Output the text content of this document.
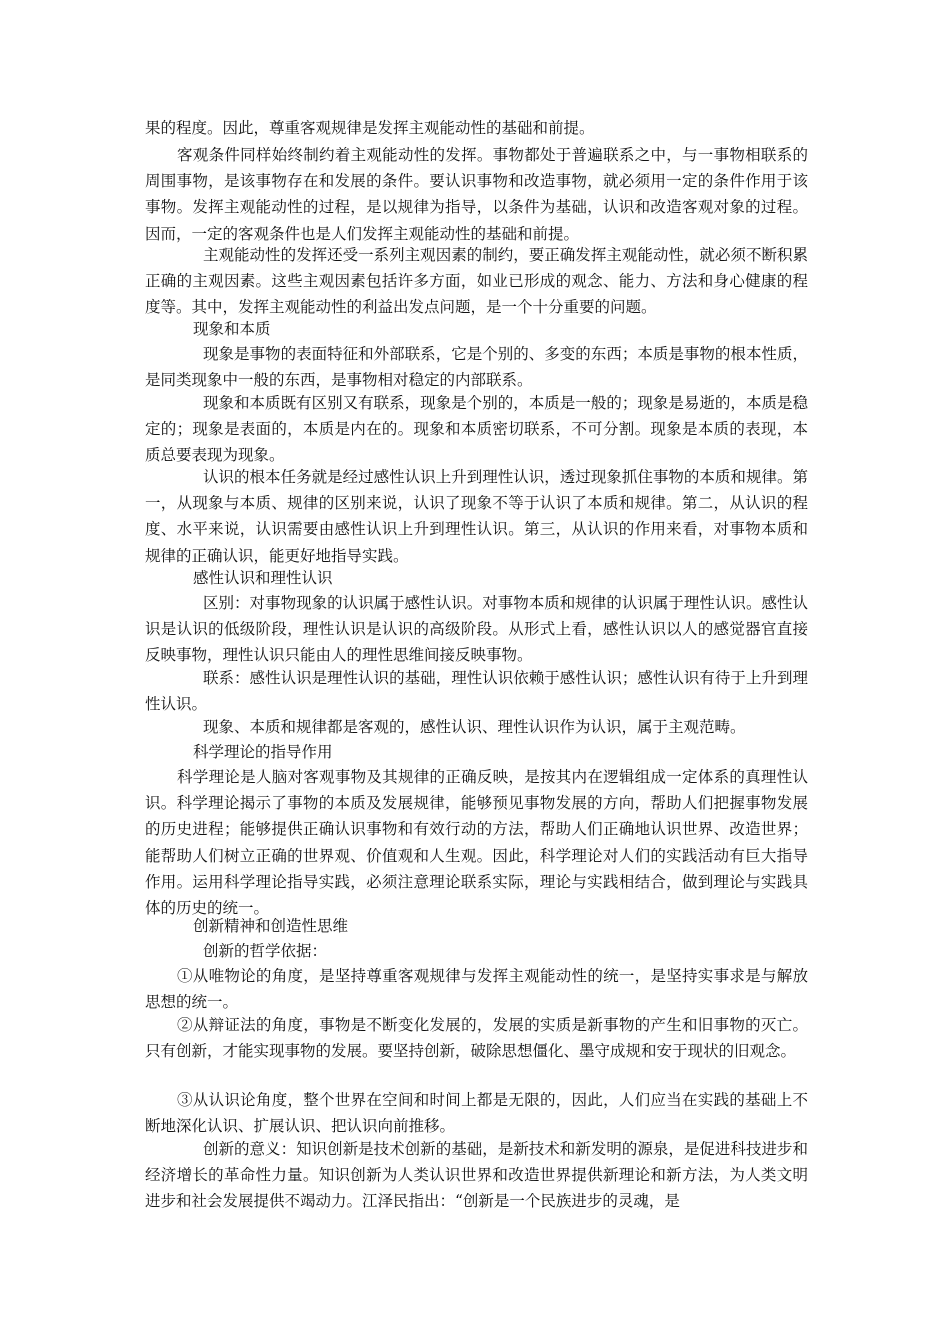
果的程度。因此，尊重客观规律是发挥主观能动性的基础和前提。

客观条件同样始终制约着主观能动性的发挥。事物都处于普遍联系之中，与一事物相联系的周围事物，是该事物存在和发展的条件。要认识事物和改造事物，就必须用一定的条件作用于该事物。发挥主观能动性的过程，是以规律为指导，以条件为基础，认识和改造客观对象的过程。因而，一定的客观条件也是人们发挥主观能动性的基础和前提。

主观能动性的发挥还受一系列主观因素的制约，要正确发挥主观能动性，就必须不断积累正确的主观因素。这些主观因素包括许多方面，如业已形成的观念、能力、方法和身心健康的程度等。其中，发挥主观能动性的利益出发点问题，是一个十分重要的问题。

现象和本质

现象是事物的表面特征和外部联系，它是个别的、多变的东西；本质是事物的根本性质，是同类现象中一般的东西，是事物相对稳定的内部联系。

现象和本质既有区别又有联系，现象是个别的，本质是一般的；现象是易逝的，本质是稳定的；现象是表面的，本质是内在的。现象和本质密切联系，不可分割。现象是本质的表现，本质总要表现为现象。

认识的根本任务就是经过感性认识上升到理性认识，透过现象抓住事物的本质和规律。第一，从现象与本质、规律的区别来说，认识了现象不等于认识了本质和规律。第二，从认识的程度、水平来说，认识需要由感性认识上升到理性认识。第三，从认识的作用来看，对事物本质和规律的正确认识，能更好地指导实践。

感性认识和理性认识

区别：对事物现象的认识属于感性认识。对事物本质和规律的认识属于理性认识。感性认识是认识的低级阶段，理性认识是认识的高级阶段。从形式上看，感性认识以人的感觉器官直接反映事物，理性认识只能由人的理性思维间接反映事物。

联系：感性认识是理性认识的基础，理性认识依赖于感性认识；感性认识有待于上升到理性认识。

现象、本质和规律都是客观的，感性认识、理性认识作为认识，属于主观范畴。

科学理论的指导作用

科学理论是人脑对客观事物及其规律的正确反映，是按其内在逻辑组成一定体系的真理性认识。科学理论揭示了事物的本质及发展规律，能够预见事物发展的方向，帮助人们把握事物发展的历史进程；能够提供正确认识事物和有效行动的方法，帮助人们正确地认识世界、改造世界；能帮助人们树立正确的世界观、价值观和人生观。因此，科学理论对人们的实践活动有巨大指导作用。运用科学理论指导实践，必须注意理论联系实际，理论与实践相结合，做到理论与实践具体的历史的统一。

创新精神和创造性思维

创新的哲学依据：

①从唯物论的角度，是坚持尊重客观规律与发挥主观能动性的统一，是坚持实事求是与解放思想的统一。

②从辩证法的角度，事物是不断变化发展的，发展的实质是新事物的产生和旧事物的灭亡。只有创新，才能实现事物的发展。要坚持创新，破除思想僵化、墨守成规和安于现状的旧观念。

③从认识论角度，整个世界在空间和时间上都是无限的，因此，人们应当在实践的基础上不断地深化认识、扩展认识、把认识向前推移。

创新的意义：知识创新是技术创新的基础，是新技术和新发明的源泉，是促进科技进步和经济增长的革命性力量。知识创新为人类认识世界和改造世界提供新理论和新方法，为人类文明进步和社会发展提供不竭动力。江泽民指出：“创新是一个民族进步的灵魂，是
